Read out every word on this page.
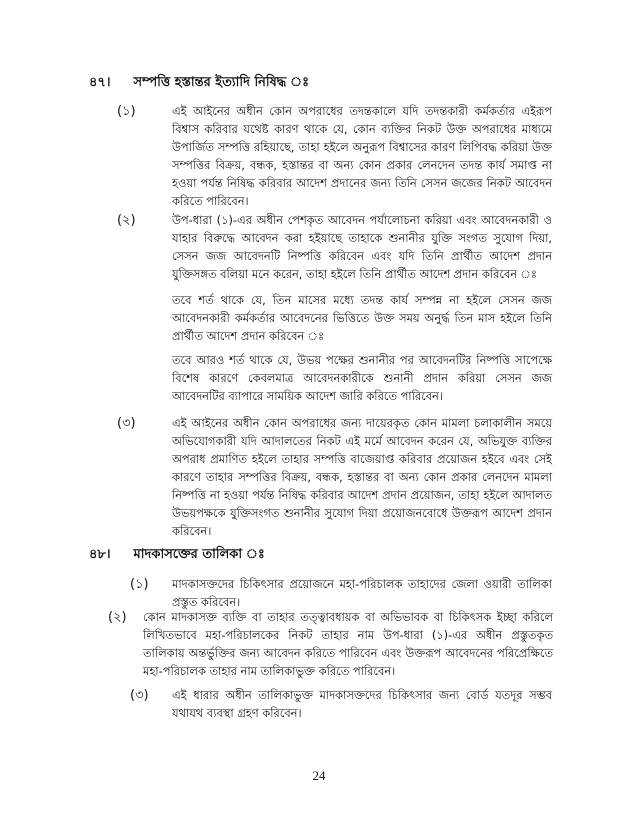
৪৭। সম্পত্তি হস্তান্তর ইত্যাদি নিষিদ্ধ ঃ
(১)	এই আইনের অধীন কোন অপরাধের তদন্তকালে যদি তদন্তকারী কর্মকর্তার এইরূপ বিশ্বাস করিবার যথেষ্ট কারণ থাকে যে, কোন ব্যক্তির নিকট উক্ত অপরাধের মাধ্যমে উপার্জিত সম্পত্তি রহিয়াছে, তাহা হইলে অনুরূপ বিশ্বাসের কারণ লিপিবদ্ধ করিয়া উক্ত সম্পত্তির বিক্রয়, বন্ধক, হস্তান্তর বা অন্য কোন প্রকার লেনদেন তদন্ত কার্য সমাপ্ত না হওয়া পর্যন্ত নিষিদ্ধ করিবার আদেশ প্রদানের জন্য তিনি সেসন জজের নিকট আবেদন করিতে পারিবেন।
(২)	উপ-ধারা (১)-এর অধীন পেশকৃত আবেদন পর্যালোচনা করিয়া এবং আবেদনকারী ও যাহার বিরুদ্ধে আবেদন করা হইয়াছে তাহাকে শুনানীর যুক্তি সংগত সুযোগ দিয়া, সেসন জজ আবেদনটি নিষ্পত্তি করিবেন এবং যদি তিনি প্রার্থীত আদেশ প্রদান যুক্তিসঙ্গত বলিয়া মনে করেন, তাহা হইলে তিনি প্রার্থীত আদেশ প্রদান করিবেন ঃ
তবে শর্ত থাকে যে, তিন মাসের মধ্যে তদন্ত কার্য সম্পন্ন না হইলে সেসন জজ আবেদনকারী কর্মকর্তার আবেদনের ভিত্তিতে উক্ত সময় অনুর্দ্ধ তিন মাস হইলে তিনি প্রার্থীত আদেশ প্রদান করিবেন ঃ
তবে আরও শর্ত থাকে যে, উভয় পক্ষের শুনানীর পর আবেদনটির নিষ্পত্তি সাপেক্ষে বিশেষ কারণে কেবলমাত্র আবেদনকারীকে শুনানী প্রদান করিয়া সেসন জজ আবেদনটির ব্যাপারে সাময়িক আদেশ জারি করিতে পারিবেন।
(৩)	এই আইনের অধীন কোন অপরাধের জন্য দায়েরকৃত কোন মামলা চলাকালীন সময়ে অভিযোগকারী যদি আদালতের নিকট এই মর্মে আবেদন করেন যে, অভিযুক্ত ব্যক্তির অপরাধ প্রমাণিত হইলে তাহার সম্পত্তি বাজেয়াপ্ত করিবার প্রয়োজন হইবে এবং সেই কারণে তাহার সম্পত্তির বিক্রয়, বন্ধক, হস্তান্তর বা অন্য কোন প্রকার লেনদেন মামলা নিষ্পত্তি না হওয়া পর্যন্ত নিষিদ্ধ করিবার আদেশ প্রদান প্রয়োজন, তাহা হইলে আদালত উভয়পক্ষকে যুক্তিসংগত শুনানীর সুযোগ দিয়া প্রয়োজনবোধে উক্তরূপ আদেশ প্রদান করিবেন।
৪৮। মাদকাসক্তের তালিকা ঃ
(১) মাদকাসক্তদের চিকিৎসার প্রয়োজনে মহা-পরিচালক তাহাদের জেলা ওয়ারী তালিকা প্রস্তুত করিবেন।
(২) কোন মাদকাসক্ত ব্যক্তি বা তাহার তত্ত্বাবধায়ক বা অভিভাবক বা চিকিৎসক ইচ্ছা করিলে লিখিতভাবে মহা-পরিচালকের নিকট তাহার নাম উপ-ধারা (১)-এর অধীন প্রস্তুতকৃত তালিকায় অন্তর্ভুক্তির জন্য আবেদন করিতে পারিবেন এবং উক্তরূপ আবেদনের পরিপ্রেক্ষিতে মহা-পরিচালক তাহার নাম তালিকাভুক্ত করিতে পারিবেন।
(৩) এই ধারার অধীন তালিকাভুক্ত মাদকাসক্তদের চিকিৎসার জন্য বোর্ড যতদূর সম্ভব যথাযথ ব্যবস্থা গ্রহণ করিবেন।
24
